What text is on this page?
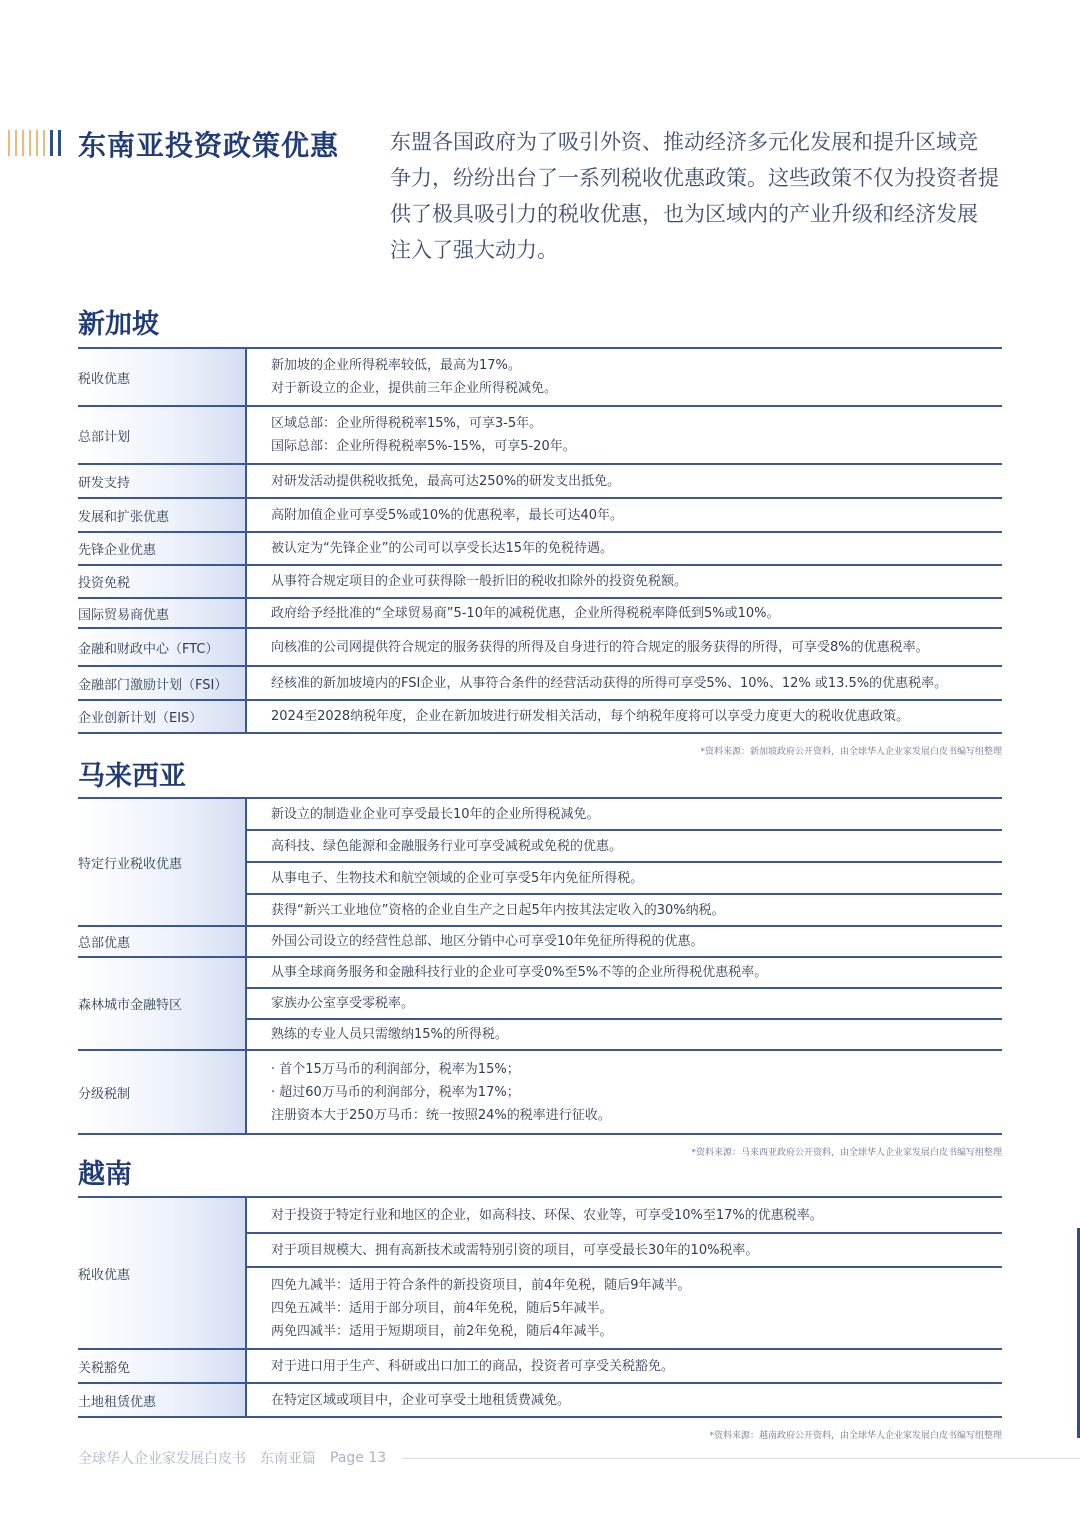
东南亚投资政策优惠 东盟各国政府为了吸引外资、推动经济多元化发展和提升区域竞
争力，纷纷出台了一系列税收优惠政策。这些政策不仅为投资者提
供了极具吸引力的税收优惠，也为区域内的产业升级和经济发展
注入了强大动力。

新加坡
税收优惠	新加坡的企业所得税率较低，最高为17%。
对于新设立的企业，提供前三年企业所得税减免。

总部计划	区域总部：企业所得税税率15%，可享3-5年。
国际总部：企业所得税税率5%-15%，可享5-20年。

研发支持	对研发活动提供税收抵免，最高可达250%的研发支出抵免。
发展和扩张优惠	高附加值企业可享受5%或10%的优惠税率，最长可达40年。
先锋企业优惠	被认定为“先锋企业”的公司可以享受长达15年的免税待遇。
投资免税	从事符合规定项目的企业可获得除一般折旧的税收扣除外的投资免税额。
国际贸易商优惠	政府给予经批准的“全球贸易商”5-10年的减税优惠，企业所得税税率降低到5%或10%。
金融和财政中心（FTC）	向核准的公司网提供符合规定的服务获得的所得及自身进行的符合规定的服务获得的所得，可享受8%的优惠税率。
金融部门激励计划（FSI）	经核准的新加坡境内的FSI企业，从事符合条件的经营活动获得的所得可享受5%、10%、12% 或13.5%的优惠税率。
企业创新计划（EIS）	2024至2028纳税年度，企业在新加坡进行研发相关活动，每个纳税年度将可以享受力度更大的税收优惠政策。

*资料来源：新加坡政府公开资料，由全球华人企业家发展白皮书编写组整理

马来西亚
特定行业税收优惠	新设立的制造业企业可享受最长10年的企业所得税减免。
	高科技、绿色能源和金融服务行业可享受减税或免税的优惠。
	从事电子、生物技术和航空领域的企业可享受5年内免征所得税。
	获得“新兴工业地位”资格的企业自生产之日起5年内按其法定收入的30%纳税。
总部优惠	外国公司设立的经营性总部、地区分销中心可享受10年免征所得税的优惠。
森林城市金融特区	从事全球商务服务和金融科技行业的企业可享受0%至5%不等的企业所得税优惠税率。
	家族办公室享受零税率。
	熟练的专业人员只需缴纳15%的所得税。
分级税制	· 首个15万马币的利润部分，税率为15%；
· 超过60万马币的利润部分，税率为17%；
注册资本大于250万马币：统一按照24%的税率进行征收。

*资料来源：马来西亚政府公开资料，由全球华人企业家发展白皮书编写组整理

越南
税收优惠	对于投资于特定行业和地区的企业，如高科技、环保、农业等，可享受10%至17%的优惠税率。
	对于项目规模大、拥有高新技术或需特别引资的项目，可享受最长30年的10%税率。

	四免九减半：适用于符合条件的新投资项目，前4年免税，随后9年减半。
四免五减半：适用于部分项目，前4年免税，随后5年减半。
两免四减半：适用于短期项目，前2年免税，随后4年减半。

关税豁免	对于进口用于生产、科研或出口加工的商品，投资者可享受关税豁免。
土地租赁优惠	在特定区域或项目中，企业可享受土地租赁费减免。

*资料来源：越南政府公开资料，由全球华人企业家发展白皮书编写组整理

全球华人企业家发展白皮书 东南亚篇 Page 13
